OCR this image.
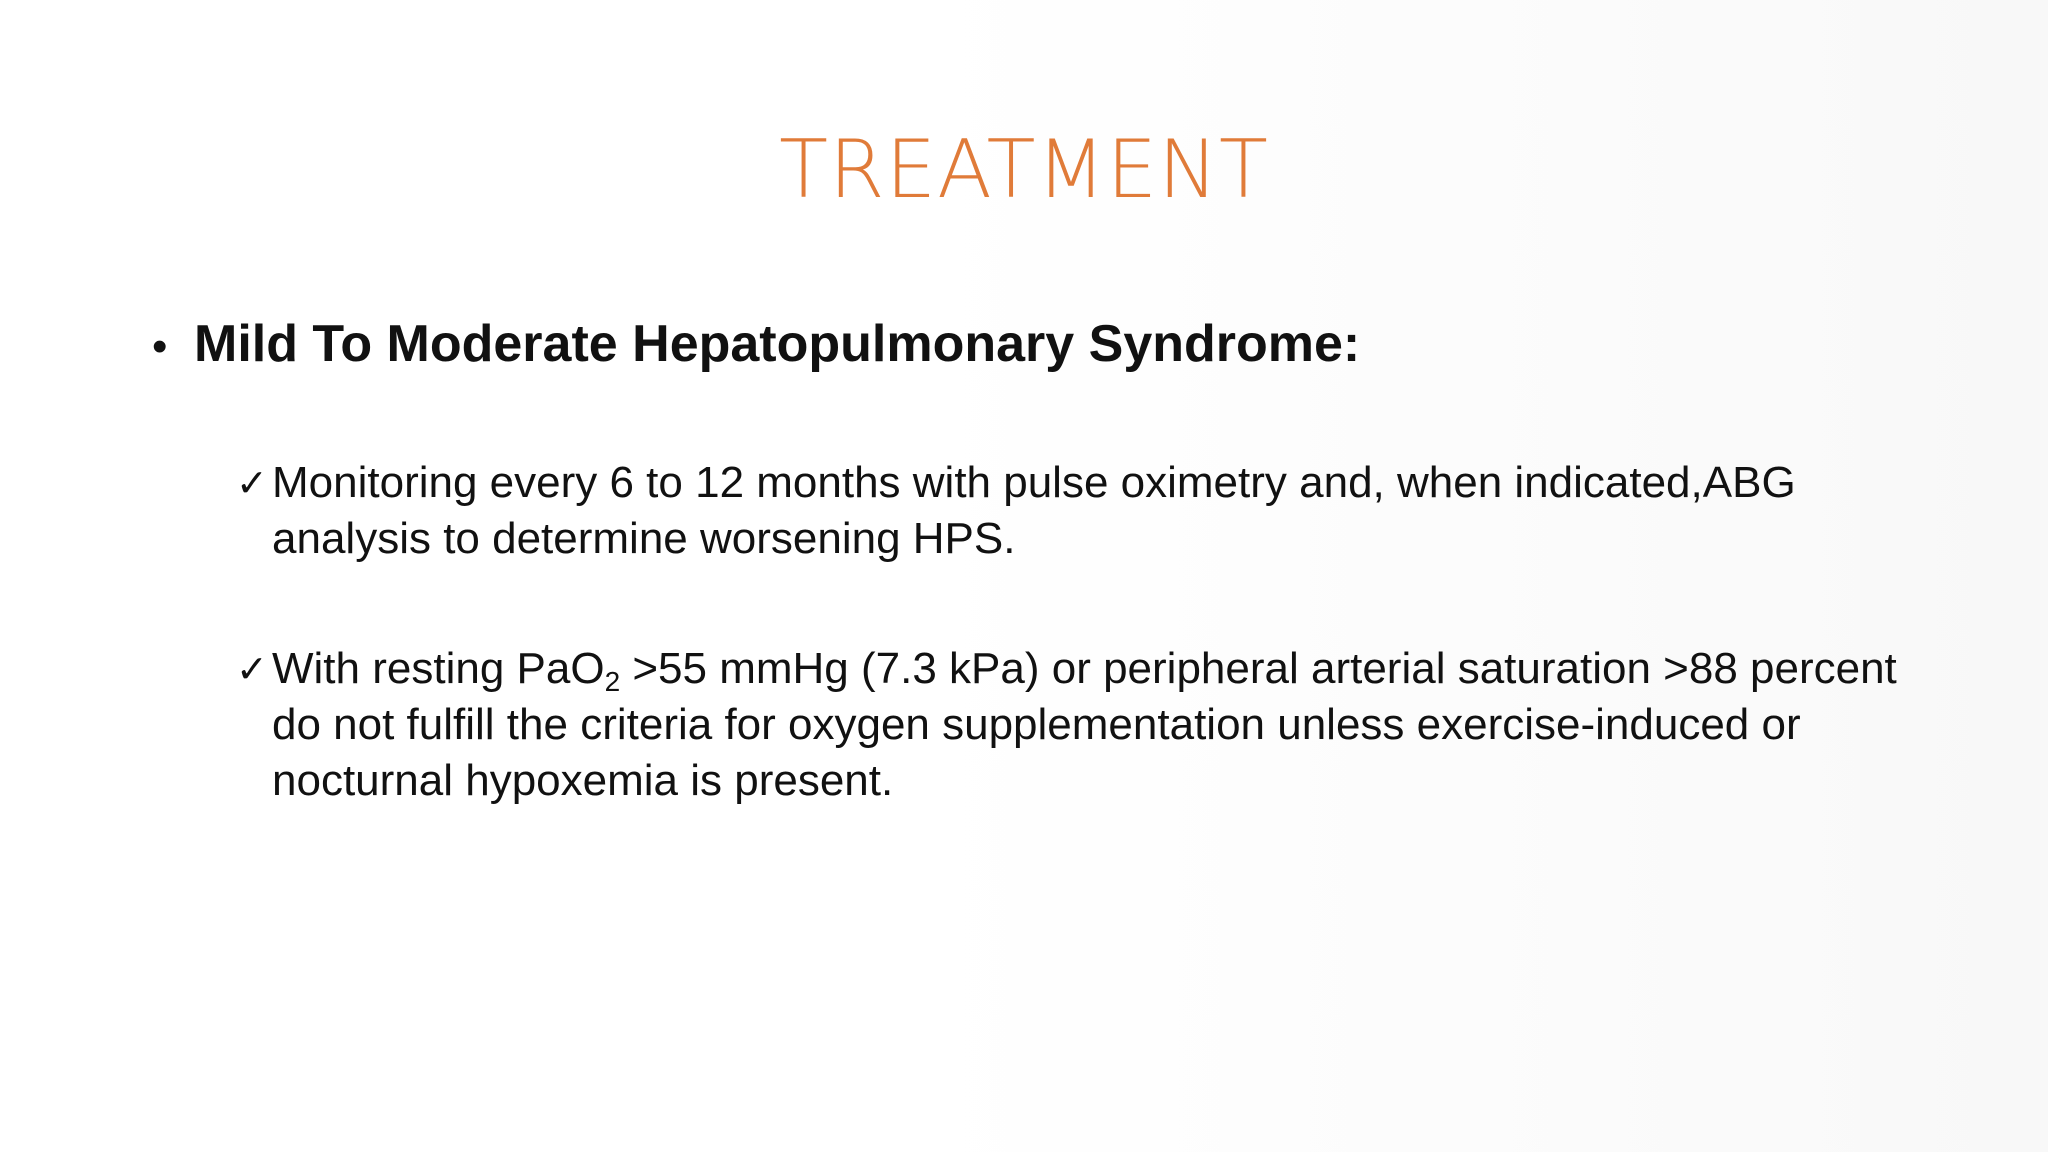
TREATMENT
• Mild To Moderate Hepatopulmonary Syndrome:
✓ Monitoring every 6 to 12 months with pulse oximetry and, when indicated,ABG analysis to determine worsening HPS.
✓ With resting PaO$_2$ >55 mmHg (7.3 kPa) or peripheral arterial saturation >88 percent do not fulfill the criteria for oxygen supplementation unless exercise-induced or nocturnal hypoxemia is present.
